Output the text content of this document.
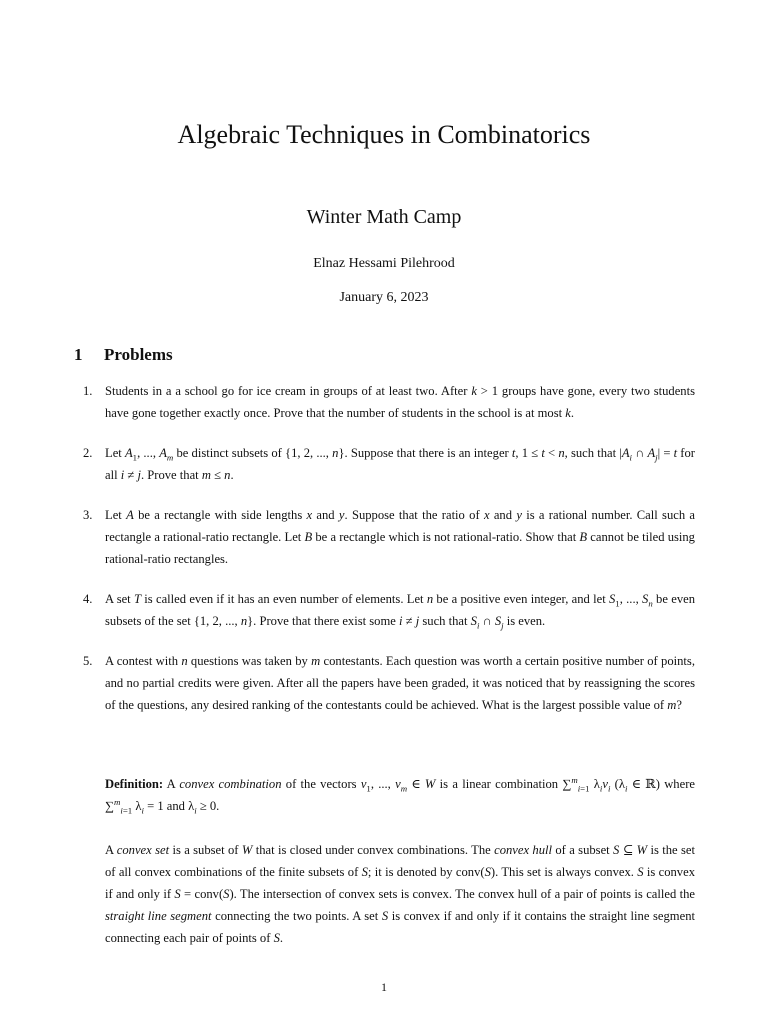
Algebraic Techniques in Combinatorics
Winter Math Camp

Elnaz Hessami Pilehrood

January 6, 2023

1 Problems
1. Students in a a school go for ice cream in groups of at least two. After k > 1 groups have gone, every two students have gone together exactly once. Prove that the number of students in the school is at most k.
2. Let $A_1$, ..., $A_m$ be distinct subsets of {1, 2, ..., n}. Suppose that there is an integer t, 1 ≤ t < n, such that $|A_i$ ∩ $A_j| = t$ for all i ≠ j. Prove that m ≤ n.
3. Let A be a rectangle with side lengths x and y. Suppose that the ratio of x and y is a rational number. Call such a rectangle a rational-ratio rectangle. Let B be a rectangle which is not rational-ratio. Show that B cannot be tiled using rational-ratio rectangles.
4. A set T is called even if it has an even number of elements. Let n be a positive even integer, and let $S_1$, ..., $S_n$ be even subsets of the set {1, 2, ..., n}. Prove that there exist some i ≠ j such that $S_i$ ∩ $S_j$ is even.
5. A contest with n questions was taken by m contestants. Each question was worth a certain positive number of points, and no partial credits were given. After all the papers have been graded, it was noticed that by reassigning the scores of the questions, any desired ranking of the contestants could be achieved. What is the largest possible value of m?

Definition: A convex combination of the vectors $v_1$, ..., $v_m$ ∈ W is a linear combination ∑$^m_{i=1}$ $\lambda_iv_i$ ($\lambda_i$ ∈ ℝ) where ∑$^m_{i=1}$ $\lambda_i = 1$ and $\lambda_i \ge 0$.

A convex set is a subset of W that is closed under convex combinations. The convex hull of a subset S ⊆ W is the set of all convex combinations of the finite subsets of S; it is denoted by conv(S). This set is always convex. S is convex if and only if S = conv(S). The intersection of convex sets is convex. The convex hull of a pair of points is called the straight line segment connecting the two points. A set S is convex if and only if it contains the straight line segment connecting each pair of points of S.

1
